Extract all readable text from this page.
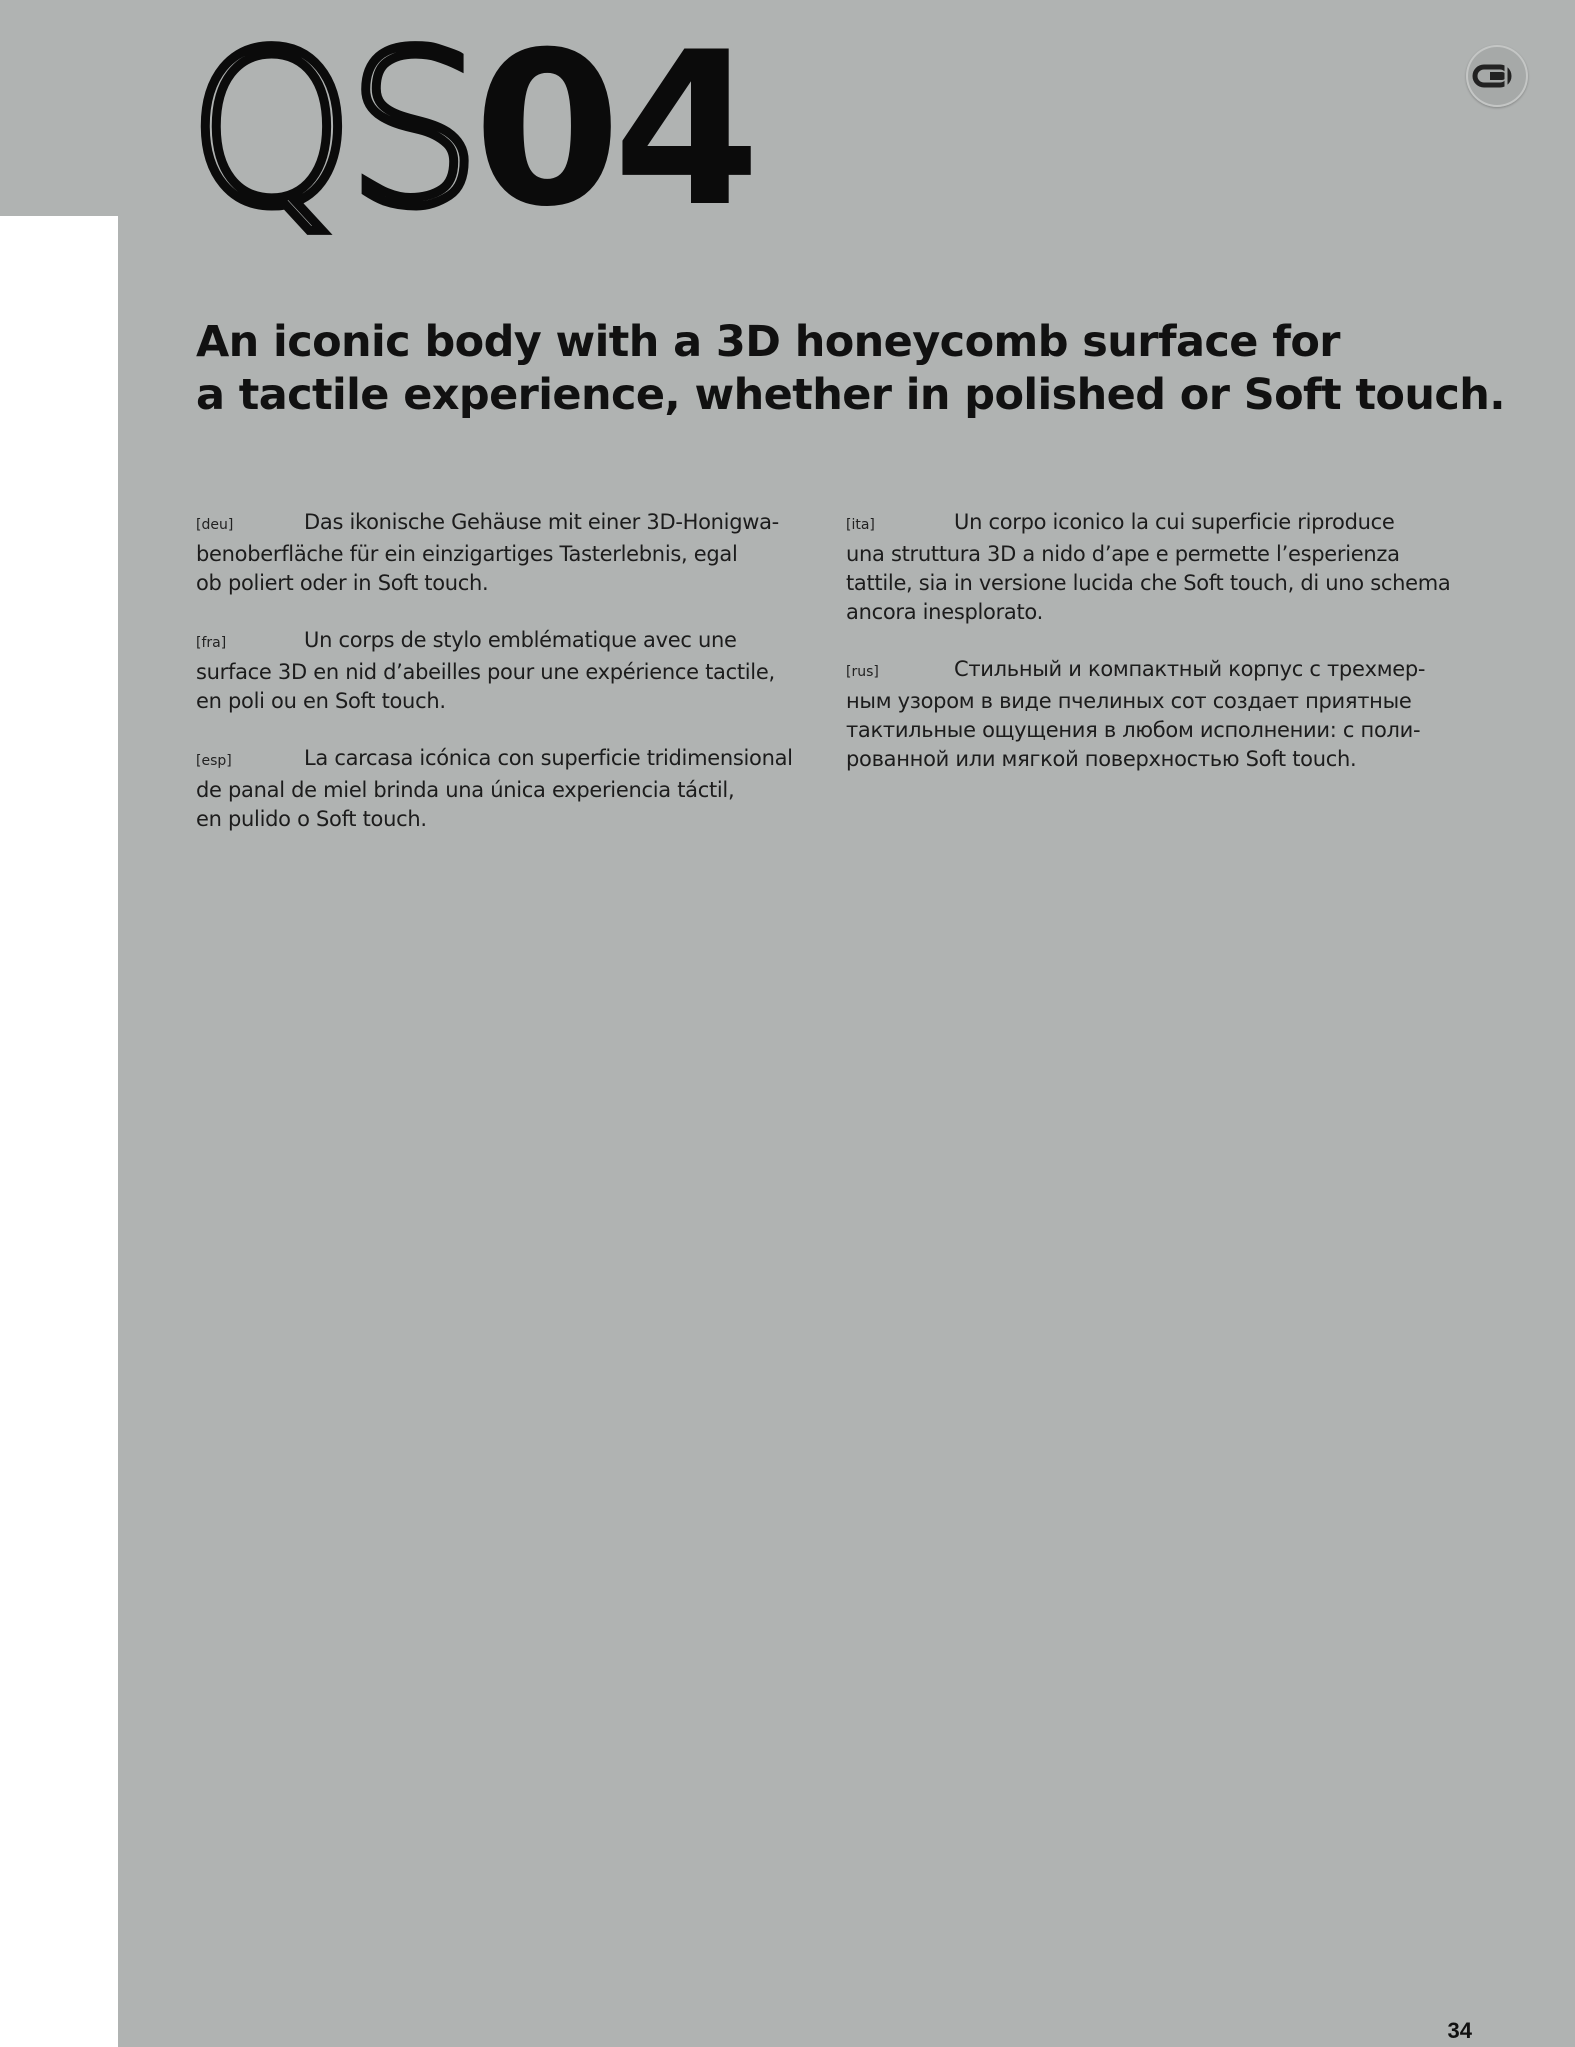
QS04
An iconic body with a 3D honeycomb surface for
a tactile experience, whether in polished or Soft touch.

[deu]	Das ikonische Gehäuse mit einer 3D-Honigwa-
benoberfläche für ein einzigartiges Tasterlebnis, egal
ob poliert oder in Soft touch.

[fra]	Un corps de stylo emblématique avec une
surface 3D en nid d’abeilles pour une expérience tactile,
en poli ou en Soft touch.

[esp]	La carcasa icónica con superficie tridimensional
de panal de miel brinda una única experiencia táctil,
en pulido o Soft touch.

[ita]	Un corpo iconico la cui superficie riproduce
una struttura 3D a nido d’ape e permette l’esperienza
tattile, sia in versione lucida che Soft touch, di uno schema
ancora inesplorato.

[rus]	Стильный и компактный корпус с трехмер-
ным узором в виде пчелиных сот создает приятные
тактильные ощущения в любом исполнении: с поли-
рованной или мягкой поверхностью Soft touch.

34
